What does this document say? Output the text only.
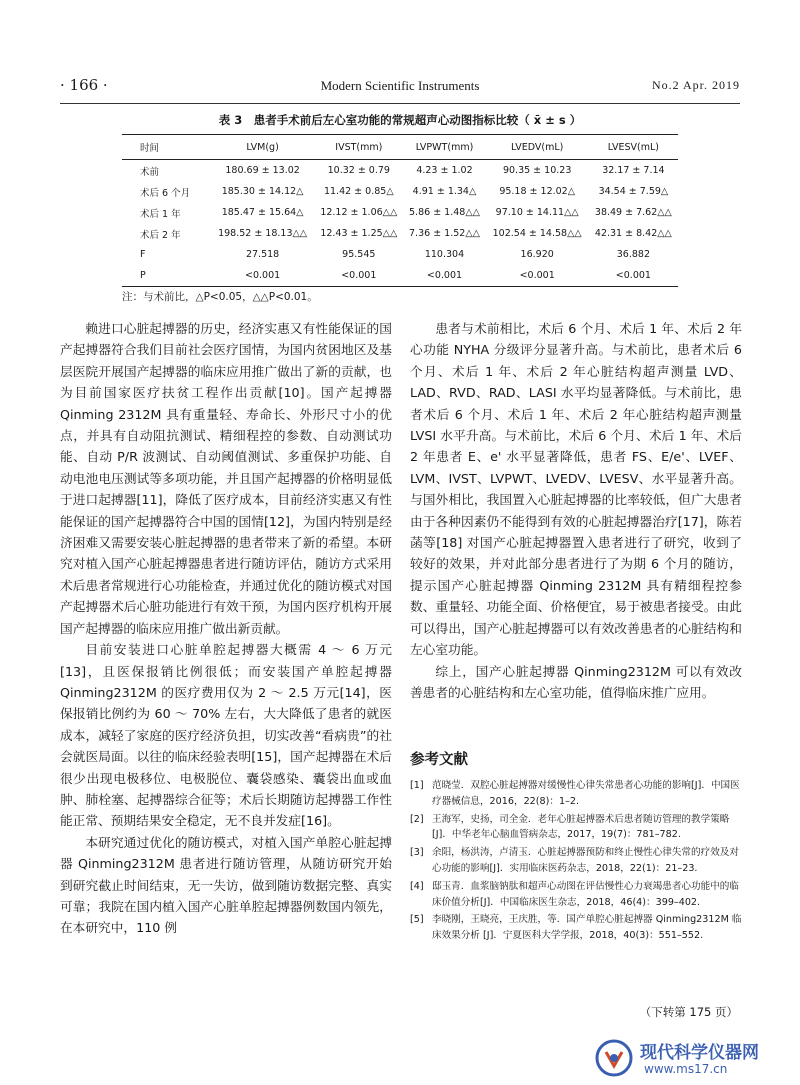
· 166 ·	Modern Scientific Instruments	No.2 Apr. 2019
表 3　患者手术前后左心室功能的常规超声心动图指标比较（ x̄ ± s ）
时间	LVM(g)	IVST(mm)	LVPWT(mm)	LVEDV(mL)	LVESV(mL)
术前	180.69 ± 13.02	10.32 ± 0.79	4.23 ± 1.02	90.35 ± 10.23	32.17 ± 7.14
术后 6 个月	185.30 ± 14.12△	11.42 ± 0.85△	4.91 ± 1.34△	95.18 ± 12.02△	34.54 ± 7.59△
术后 1 年	185.47 ± 15.64△	12.12 ± 1.06△△	5.86 ± 1.48△△	97.10 ± 14.11△△	38.49 ± 7.62△△
术后 2 年	198.52 ± 18.13△△	12.43 ± 1.25△△	7.36 ± 1.52△△	102.54 ± 14.58△△	42.31 ± 8.42△△
F	27.518	95.545	110.304	16.920	36.882
P	<0.001	<0.001	<0.001	<0.001	<0.001
注：与术前比，△P<0.05，△△P<0.01。

赖进口心脏起搏器的历史，经济实惠又有性能保证的国产起搏器符合我们目前社会医疗国情，为国内贫困地区及基层医院开展国产起搏器的临床应用推广做出了新的贡献，也为目前国家医疗扶贫工程作出贡献[10]。国产起搏器 Qinming 2312M 具有重量轻、寿命长、外形尺寸小的优点，并具有自动阻抗测试、精细程控的参数、自动测试功能、自动 P/R 波测试、自动阈值测试、多重保护功能、自动电池电压测试等多项功能，并且国产起搏器的价格明显低于进口起搏器[11]，降低了医疗成本，目前经济实惠又有性能保证的国产起搏器符合中国的国情[12]，为国内特别是经济困难又需要安装心脏起搏器的患者带来了新的希望。本研究对植入国产心脏起搏器患者进行随访评估，随访方式采用术后患者常规进行心功能检查，并通过优化的随访模式对国产起搏器术后心脏功能进行有效干预，为国内医疗机构开展国产起搏器的临床应用推广做出新贡献。

目前安装进口心脏单腔起搏器大概需 4 ～ 6 万元[13]，且医保报销比例很低；而安装国产单腔起搏器 Qinming2312M 的医疗费用仅为 2 ～ 2.5 万元[14]，医保报销比例约为 60 ～ 70% 左右，大大降低了患者的就医成本，减轻了家庭的医疗经济负担，切实改善“看病贵”的社会就医局面。以往的临床经验表明[15]，国产起搏器在术后很少出现电极移位、电极脱位、囊袋感染、囊袋出血或血肿、肺栓塞、起搏器综合征等；术后长期随访起搏器工作性能正常、预期结果安全稳定，无不良并发症[16]。

本研究通过优化的随访模式，对植入国产单腔心脏起搏器 Qinming2312M 患者进行随访管理，从随访研究开始到研究截止时间结束，无一失访，做到随访数据完整、真实可靠；我院在国内植入国产心脏单腔起搏器例数国内领先，在本研究中，110 例

患者与术前相比，术后 6 个月、术后 1 年、术后 2 年心功能 NYHA 分级评分显著升高。与术前比，患者术后 6 个月、术后 1 年、术后 2 年心脏结构超声测量 LVD、LAD、RVD、RAD、LASI 水平均显著降低。与术前比，患者术后 6 个月、术后 1 年、术后 2 年心脏结构超声测量 LVSI 水平升高。与术前比，术后 6 个月、术后 1 年、术后 2 年患者 E、e' 水平显著降低，患者 FS、E/e'、LVEF、LVM、IVST、LVPWT、LVEDV、LVESV、水平显著升高。与国外相比，我国置入心脏起搏器的比率较低，但广大患者由于各种因素仍不能得到有效的心脏起搏器治疗[17]，陈若菡等[18] 对国产心脏起搏器置入患者进行了研究，收到了较好的效果，并对此部分患者进行了为期 6 个月的随访，提示国产心脏起搏器 Qinming 2312M 具有精细程控参数、重量轻、功能全面、价格便宜，易于被患者接受。由此可以得出，国产心脏起搏器可以有效改善患者的心脏结构和左心室功能。

综上，国产心脏起搏器 Qinming2312M 可以有效改善患者的心脏结构和左心室功能，值得临床推广应用。

参考文献
[1] 范晓莹．双腔心脏起搏器对缓慢性心律失常患者心功能的影响[J]．中国医疗器械信息，2016，22(8)：1–2.
[2] 王海军，史扬，司全金．老年心脏起搏器术后患者随访管理的教学策略[J]．中华老年心脑血管病杂志，2017，19(7)：781–782.
[3] 余阳，杨洪涛，卢清玉．心脏起搏器预防和终止慢性心律失常的疗效及对心功能的影响[J]．实用临床医药杂志，2018，22(1)：21–23.
[4] 邸玉青．血浆脑钠肽和超声心动图在评估慢性心力衰竭患者心功能中的临床价值分析[J]．中国临床医生杂志，2018，46(4)：399–402.
[5] 李晓刚，王晓亮，王庆胜，等．国产单腔心脏起搏器 Qinming2312M 临床效果分析 [J]．宁夏医科大学学报，2018，40(3)：551–552.
（下转第 175 页）
现代科学仪器网
www.ms17.cn
